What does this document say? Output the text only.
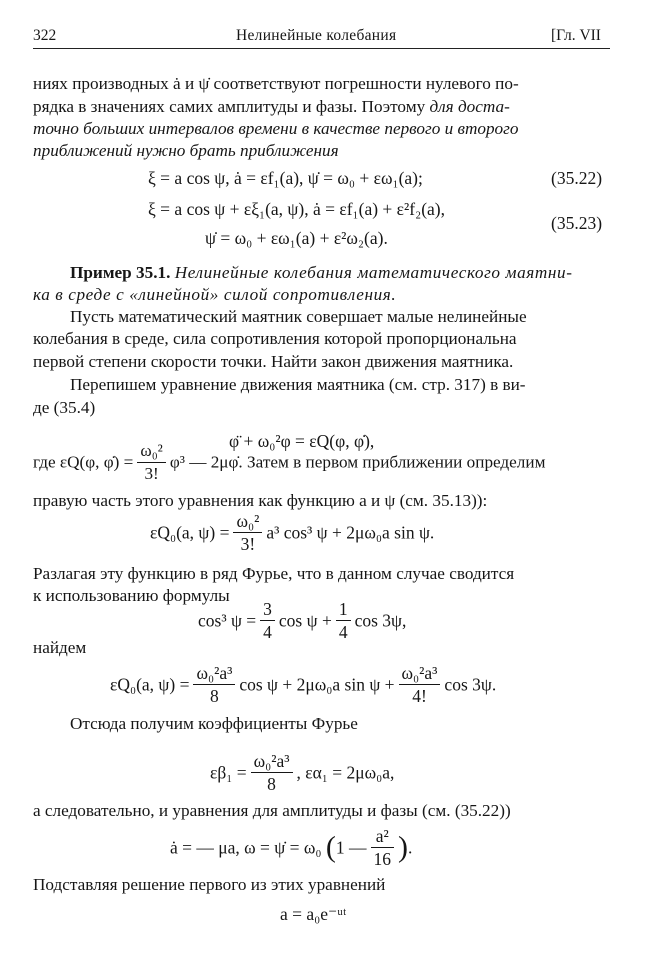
322	Нелинейные колебания	[Гл. VII
ниях производных ȧ и ψ̇ соответствуют погрешности нулевого по-
рядка в значениях самих амплитуды и фазы. Поэтому для доста-
точно больших интервалов времени в качестве первого и второго
приближений нужно брать приближения
ξ = a cos ψ, ȧ = εf₁(a), ψ̇ = ω₀ + εω₁(a);	(35.22)
ξ = a cos ψ + εξ₁(a, ψ), ȧ = εf₁(a) + ε²f₂(a),
ψ̇ = ω₀ + εω₁(a) + ε²ω₂(a).
(35.23)
Пример 35.1. Нелинейные колебания математического маятни-
ка в среде с «линейной» силой сопротивления.
Пусть математический маятник совершает малые нелинейные
колебания в среде, сила сопротивления которой пропорциональна
первой степени скорости точки. Найти закон движения маятника.
Перепишем уравнение движения маятника (см. стр. 317) в ви-
де (35.4)
φ̈ + ω₀²φ = εQ(φ, φ̇),
где εQ(φ, φ̇) = $\frac{\text{ω₀²}}{3!} \varphi^3$ — 2μφ̇. Затем в первом приближении определим
правую часть этого уравнения как функцию a и ψ (см. 35.13)):
εQ₀(a, $\psi) = \frac{\text{ω₀²}}{3!} a^3$ cos³ ψ + 2μω₀a sin ψ.
Разлагая эту функцию в ряд Фурье, что в данном случае сводится
к использованию формулы
cos³ $\psi = \frac{3}{4}$ $\cos \psi + \frac{1}{4}$ cos 3ψ,
найдем
εQ₀(a, $\psi) = \frac{\text{ω₀²a³}}{8}$ cos ψ + 2μω₀a $\sin \psi + \frac{\text{ω₀²a³}}{4!}$ cos 3ψ.
Отсюда получим коэффициенты Фурье
$\varepsilon\beta_1 = \frac{\text{ω₀²a³}}{8}$ , εα₁ = 2μω₀a,
а следовательно, и уравнения для амплитуды и фазы (см. (35.22))
ȧ = — μa, ω = ψ̇ = ω₀ (1 — $\frac{\text{a²}}{16}$ ).
Подставляя решение первого из этих уравнений
a = a₀e⁻ᵘᵗ
